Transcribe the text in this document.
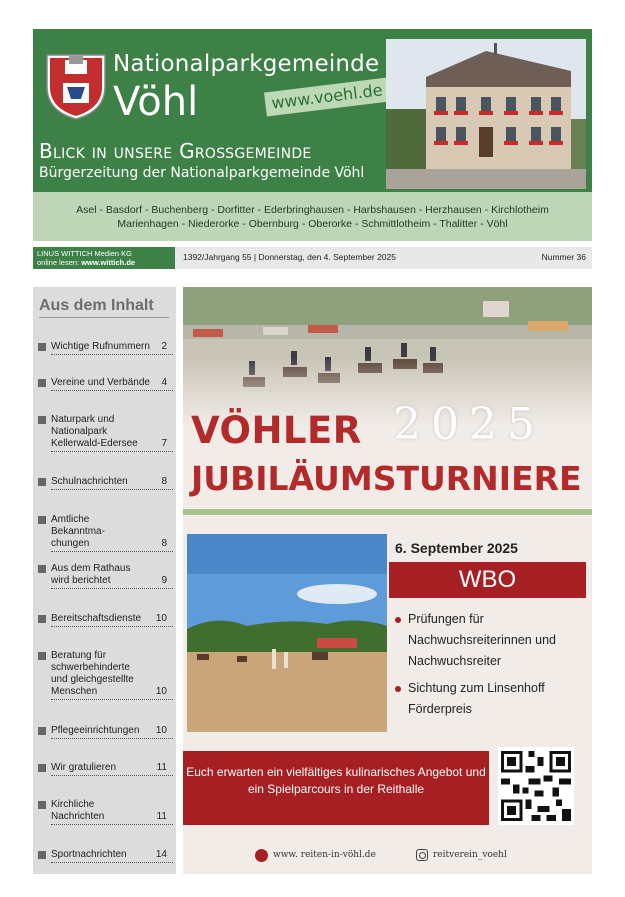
Nationalparkgemeinde
Vöhl	www.voehl.de
Blick in unsere Großgemeinde
Bürgerzeitung der Nationalparkgemeinde Vöhl

Asel - Basdorf - Buchenberg - Dorfitter - Ederbringhausen - Harbshausen - Herzhausen - Kirchlotheim
Marienhagen - Niederorke - Obernburg - Oberorke - Schmittlotheim - Thalitter - Vöhl

LINUS WITTICH Medien KG
online lesen: www.wittich.de
1392/Jahrgang 55 | Donnerstag, den 4. September 2025	Nummer 36
Aus dem Inhalt
Wichtige Rufnummern 2
Vereine und Verbände 4
Naturpark und Nationalpark Kellerwald-Edersee 7
Schulnachrichten	8
Amtliche Bekanntma-chungen	8
Aus dem Rathaus wird berichtet	9
Bereitschaftsdienste 10
Beratung für schwerbehinderte und gleichgestellte Menschen	10
Pflegeeinrichtungen 10
Wir gratulieren	11
Kirchliche Nachrichten	11
Sportnachrichten	14
VÖHLER 2025
JUBILÄUMSTURNIERE
6. September 2025
WBO
Prüfungen für Nachwuchsreiterinnen und Nachwuchsreiter
Sichtung zum Linsenhoff Förderpreis
Euch erwarten ein vielfältiges kulinarisches Angebot und ein Spielparcours in der Reithalle
www. reiten-in-vöhl.de	reitverein_voehl
